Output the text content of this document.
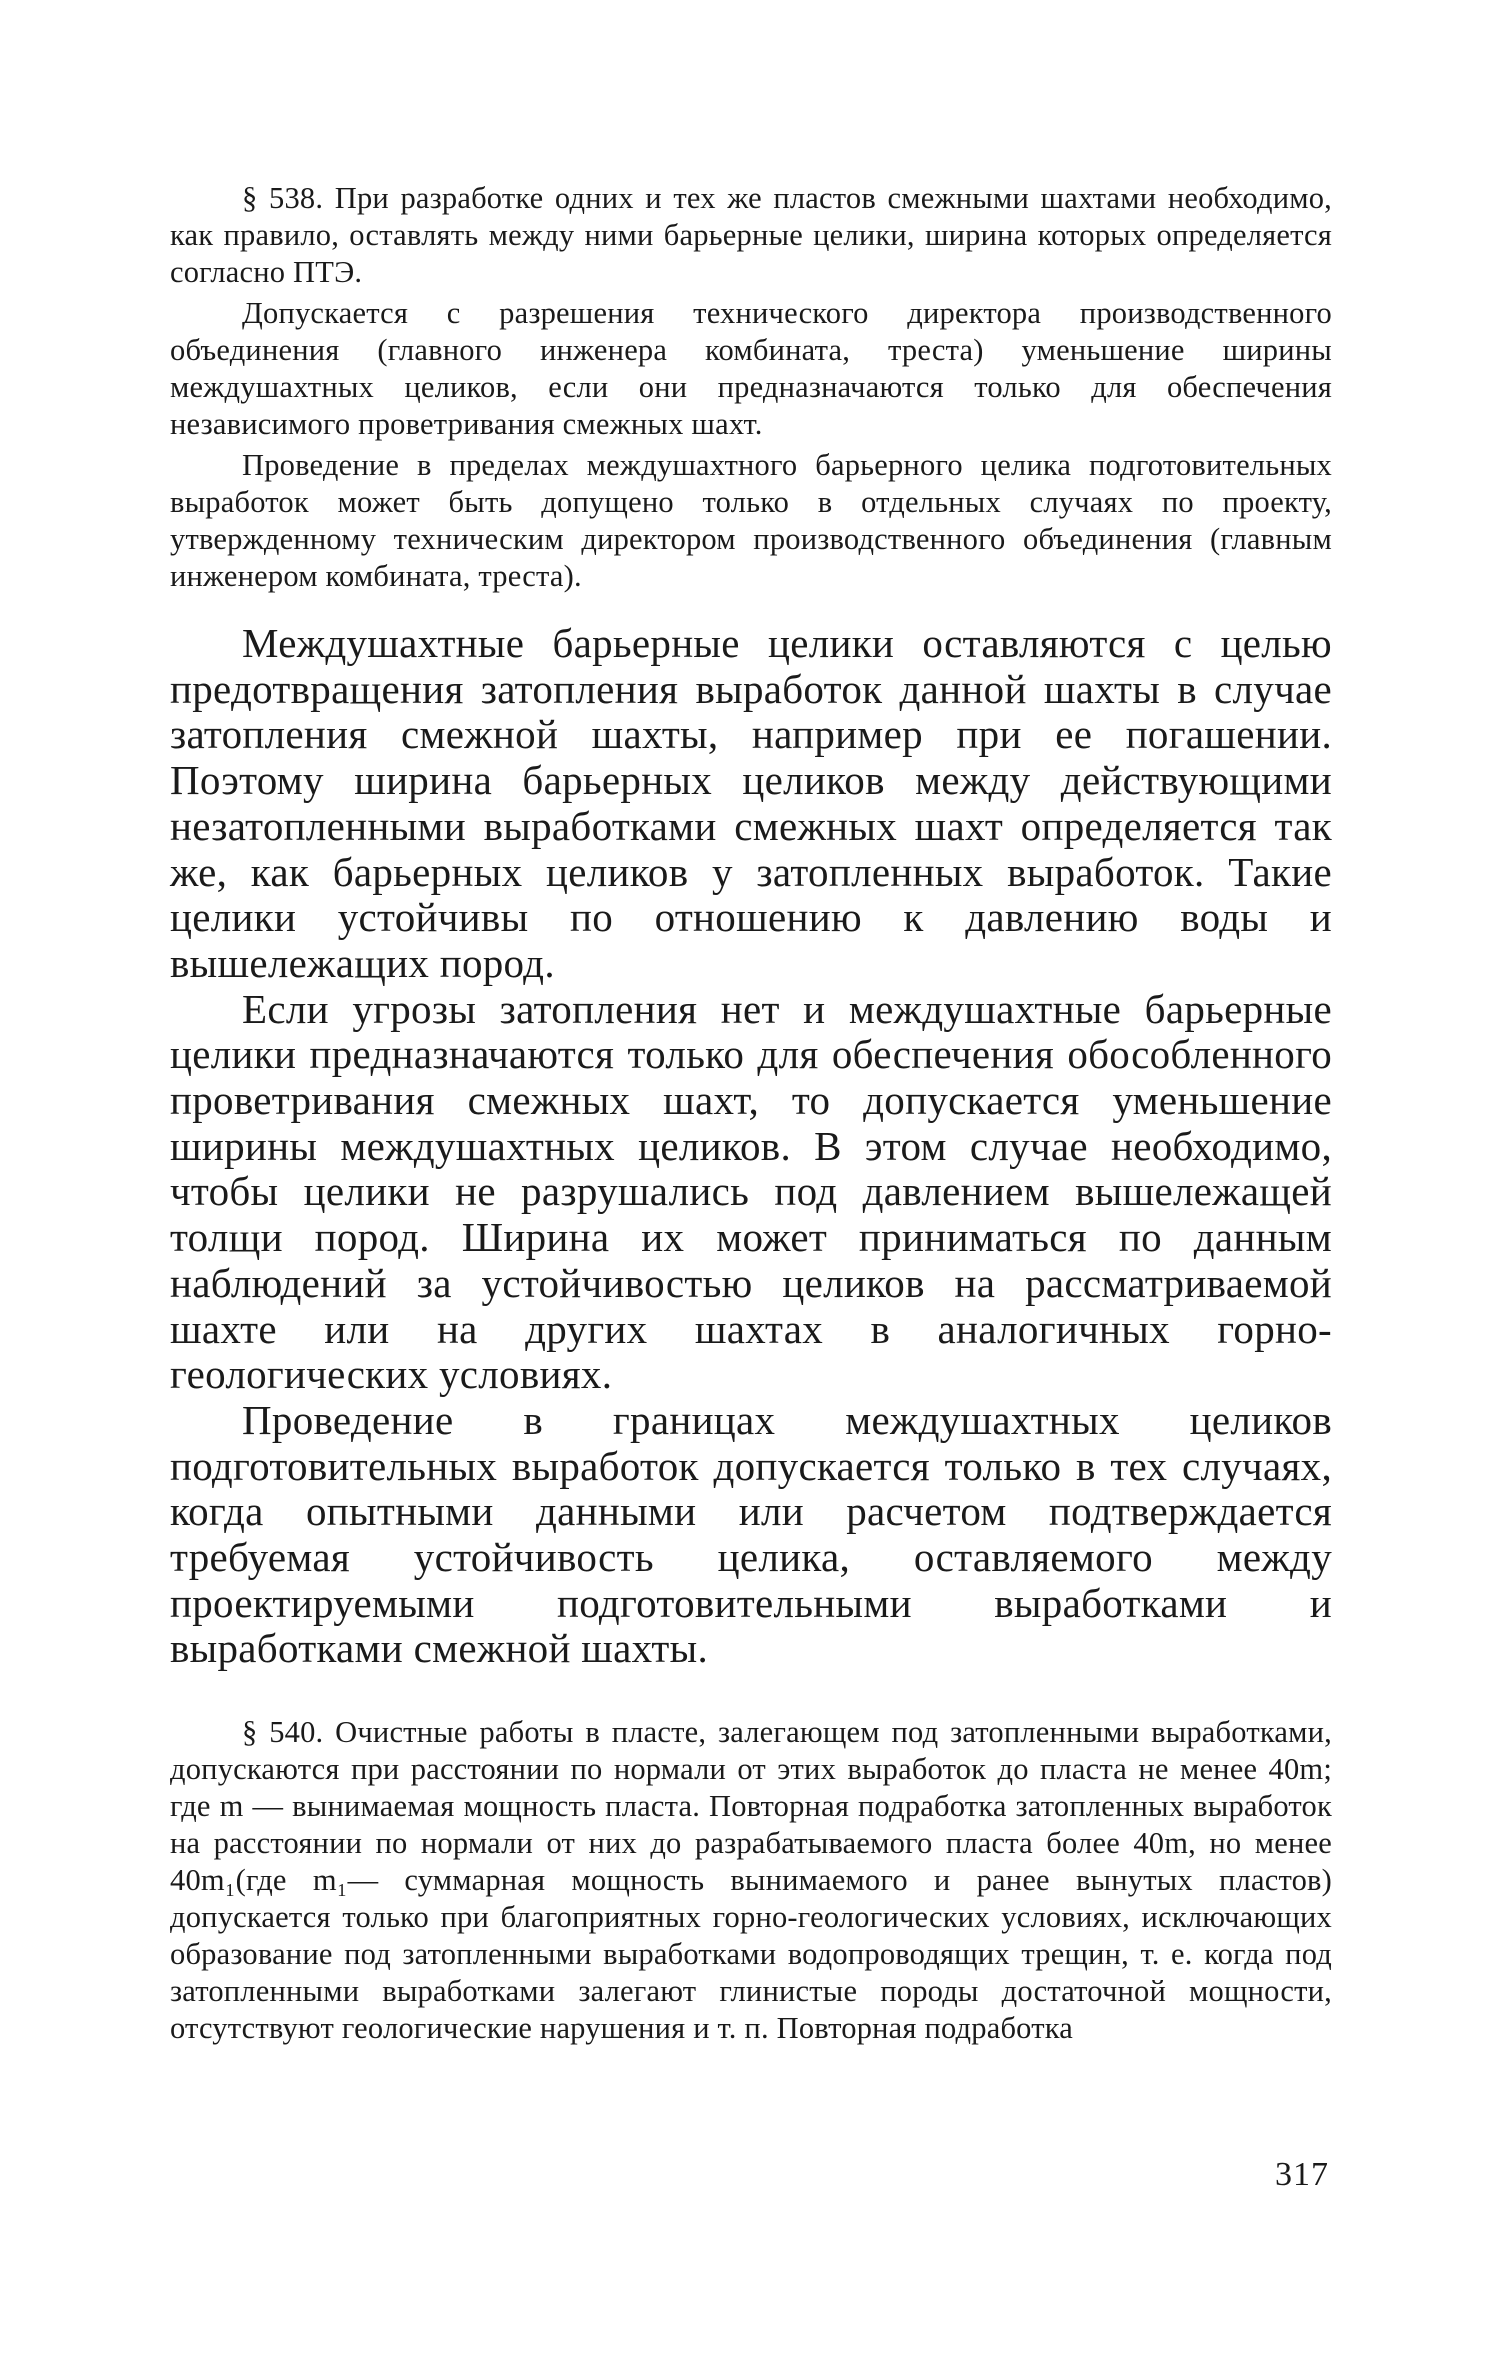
§ 538. При разработке одних и тех же пластов смежными шахтами необходимо, как правило, оставлять между ними барьерные целики, ширина которых определяется согласно ПТЭ.

Допускается с разрешения технического директора производственного объединения (главного инженера комбината, треста) уменьшение ширины междушахтных целиков, если они предназначаются только для обеспечения независимого проветривания смежных шахт.

Проведение в пределах междушахтного барьерного целика подготовительных выработок может быть допущено только в отдельных случаях по проекту, утвержденному техническим директором производственного объединения (главным инженером комбината, треста).

Междушахтные барьерные целики оставляются с целью предотвращения затопления выработок данной шахты в случае затопления смежной шахты, например при ее погашении. Поэтому ширина барьерных целиков между действующими незатопленными выработками смежных шахт определяется так же, как барьерных целиков у затопленных выработок. Такие целики устойчивы по отношению к давлению воды и вышележащих пород.

Если угрозы затопления нет и междушахтные барьерные целики предназначаются только для обеспечения обособленного проветривания смежных шахт, то допускается уменьшение ширины междушахтных целиков. В этом случае необходимо, чтобы целики не разрушались под давлением вышележащей толщи пород. Ширина их может приниматься по данным наблюдений за устойчивостью целиков на рассматриваемой шахте или на других шахтах в аналогичных горно-геологических условиях.

Проведение в границах междушахтных целиков подготовительных выработок допускается только в тех случаях, когда опытными данными или расчетом подтверждается требуемая устойчивость целика, оставляемого между проектируемыми подготовительными выработками и выработками смежной шахты.

§ 540. Очистные работы в пласте, залегающем под затопленными выработками, допускаются при расстоянии по нормали от этих выработок до пласта не менее 40m; где m — вынимаемая мощность пласта. Повторная подработка затопленных выработок на расстоянии по нормали от них до разрабатываемого пласта более 40m, но менее 40m₁(где m₁— суммарная мощность вынимаемого и ранее вынутых пластов) допускается только при благоприятных горно-геологических условиях, исключающих образование под затопленными выработками водопроводящих трещин, т. е. когда под затопленными выработками залегают глинистые породы достаточной мощности, отсутствуют геологические нарушения и т. п. Повторная подработка

317
